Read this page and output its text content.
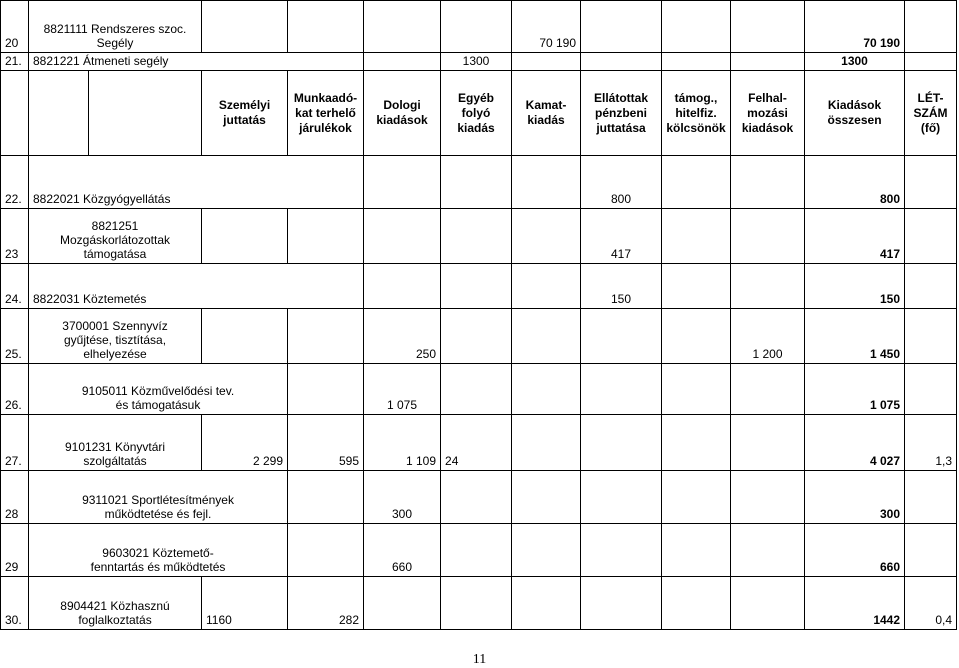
20	8821111 Rendszeres szoc.
Segély						70 190				70 190	
21.	8821221 Átmeneti segély					1300					1300	

			Személyi
juttatás	Munkaadó-
kat terhelő
járulékok	Dologi
kiadások	Egyéb
folyó
kiadás	Kamat-
kiadás	Ellátottak
pénzbeni
juttatása	támog.,
hitelfiz.
kölcsönök	Felhal-
mozási
kiadások	Kiadások
összesen	LÉT-
SZÁM
(fő)

22.	8822021 Közgyógyellátás							800			800	
23	8821251
Mozgáskorlátozottak
támogatása							417			417	
24.	8822031 Köztemetés							150			150	
25.	3700001 Szennyvíz
gyűjtése, tisztítása,
elhelyezése				250					1 200	1 450	
26.	9105011 Közművelődési tev.
és támogatásuk				1 075						1 075	
27.	9101231 Könyvtári
szolgáltatás		2 299	595	1 109	24					4 027	1,3
28	9311021 Sportlétesítmények
működtetése és fejl.				300						300	
29	9603021 Köztemető-
fenntartás és működtetés				660						660	
30.	8904421 Közhasznú
foglalkoztatás		1160	282							1442	0,4
11
